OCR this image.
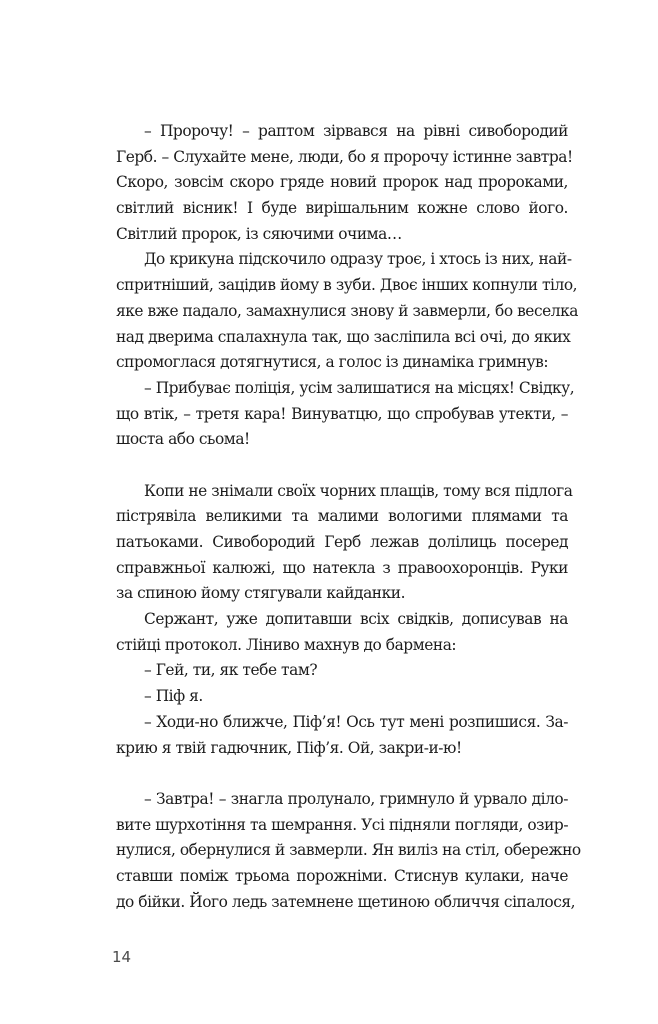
– Пророчу! – раптом зірвався на рівні сивобородий
Герб. – Слухайте мене, люди, бо я пророчу істинне завтра!
Скоро, зовсім скоро гряде новий пророк над пророками,
світлий вісник! І буде вирішальним кожне слово його.
Світлий пророк, із сяючими очима…

До крикуна підскочило одразу троє, і хтось із них, най-
спритніший, зацідив йому в зуби. Двоє інших копнули тіло,
яке вже падало, замахнулися знову й завмерли, бо веселка
над дверима спалахнула так, що засліпила всі очі, до яких
спромоглася дотягнутися, а голос із динаміка гримнув:

– Прибуває поліція, усім залишатися на місцях! Свідку,
що втік, – третя кара! Винуватцю, що спробував утекти, –
шоста або сьома!

Копи не знімали своїх чорних плащів, тому вся підлога
пістрявіла великими та малими вологими плямами та
патьоками. Сивобородий Герб лежав долілиць посеред
справжньої калюжі, що натекла з правоохоронців. Руки
за спиною йому стягували кайданки.

Сержант, уже допитавши всіх свідків, дописував на
стійці протокол. Ліниво махнув до бармена:

– Гей, ти, як тебе там?

– Піф я.

– Ходи-но ближче, Піф’я! Ось тут мені розпишися. За-
крию я твій гадючник, Піф’я. Ой, закри-и-ю!

– Завтра! – знагла пролунало, гримнуло й урвало діло-
вите шурхотіння та шемрання. Усі підняли погляди, озир-
нулися, обернулися й завмерли. Ян виліз на стіл, обережно
ставши поміж трьома порожніми. Стиснув кулаки, наче
до бійки. Його ледь затемнене щетиною обличчя сіпалося,

14
